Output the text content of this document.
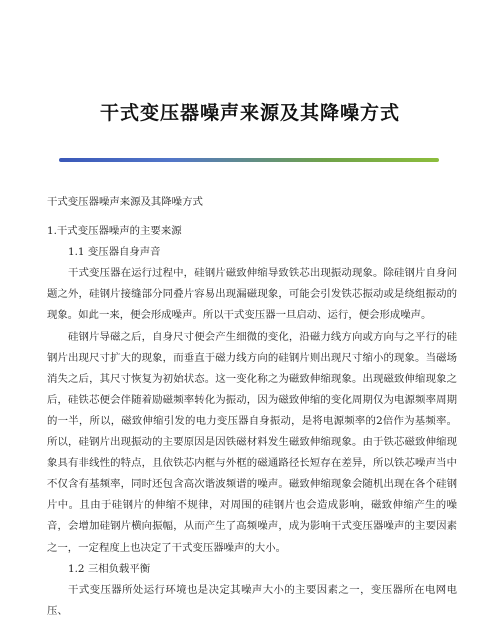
干式变压器噪声来源及其降噪方式

干式变压器噪声来源及其降噪方式

1.干式变压器噪声的主要来源

1.1 变压器自身声音

干式变压器在运行过程中，硅钢片磁致伸缩导致铁芯出现振动现象。除硅钢片自身问题之外，硅钢片接缝部分同叠片容易出现漏磁现象，可能会引发铁芯振动或是绕组振动的现象。如此一来，便会形成噪声。所以干式变压器一旦启动、运行，便会形成噪声。

硅钢片导磁之后，自身尺寸便会产生细微的变化，沿磁力线方向或方向与之平行的硅钢片出现尺寸扩大的现象，而垂直于磁力线方向的硅钢片则出现尺寸缩小的现象。当磁场消失之后，其尺寸恢复为初始状态。这一变化称之为磁致伸缩现象。出现磁致伸缩现象之后，硅铁芯便会伴随着励磁频率转化为振动，因为磁致伸缩的变化周期仅为电源频率周期的一半，所以，磁致伸缩引发的电力变压器自身振动，是将电源频率的2倍作为基频率。所以，硅钢片出现振动的主要原因是因铁磁材料发生磁致伸缩现象。由于铁芯磁致伸缩现象具有非线性的特点，且依铁芯内框与外框的磁通路径长短存在差异，所以铁芯噪声当中不仅含有基频率，同时还包含高次谐波频谱的噪声。磁致伸缩现象会随机出现在各个硅钢片中。且由于硅钢片的伸缩不规律，对周围的硅钢片也会造成影响，磁致伸缩产生的噪音，会增加硅钢片横向振幅，从而产生了高频噪声，成为影响干式变压器噪声的主要因素之一，一定程度上也决定了干式变压器噪声的大小。

1.2 三相负载平衡

干式变压器所处运行环境也是决定其噪声大小的主要因素之一，变压器所在电网电压、
